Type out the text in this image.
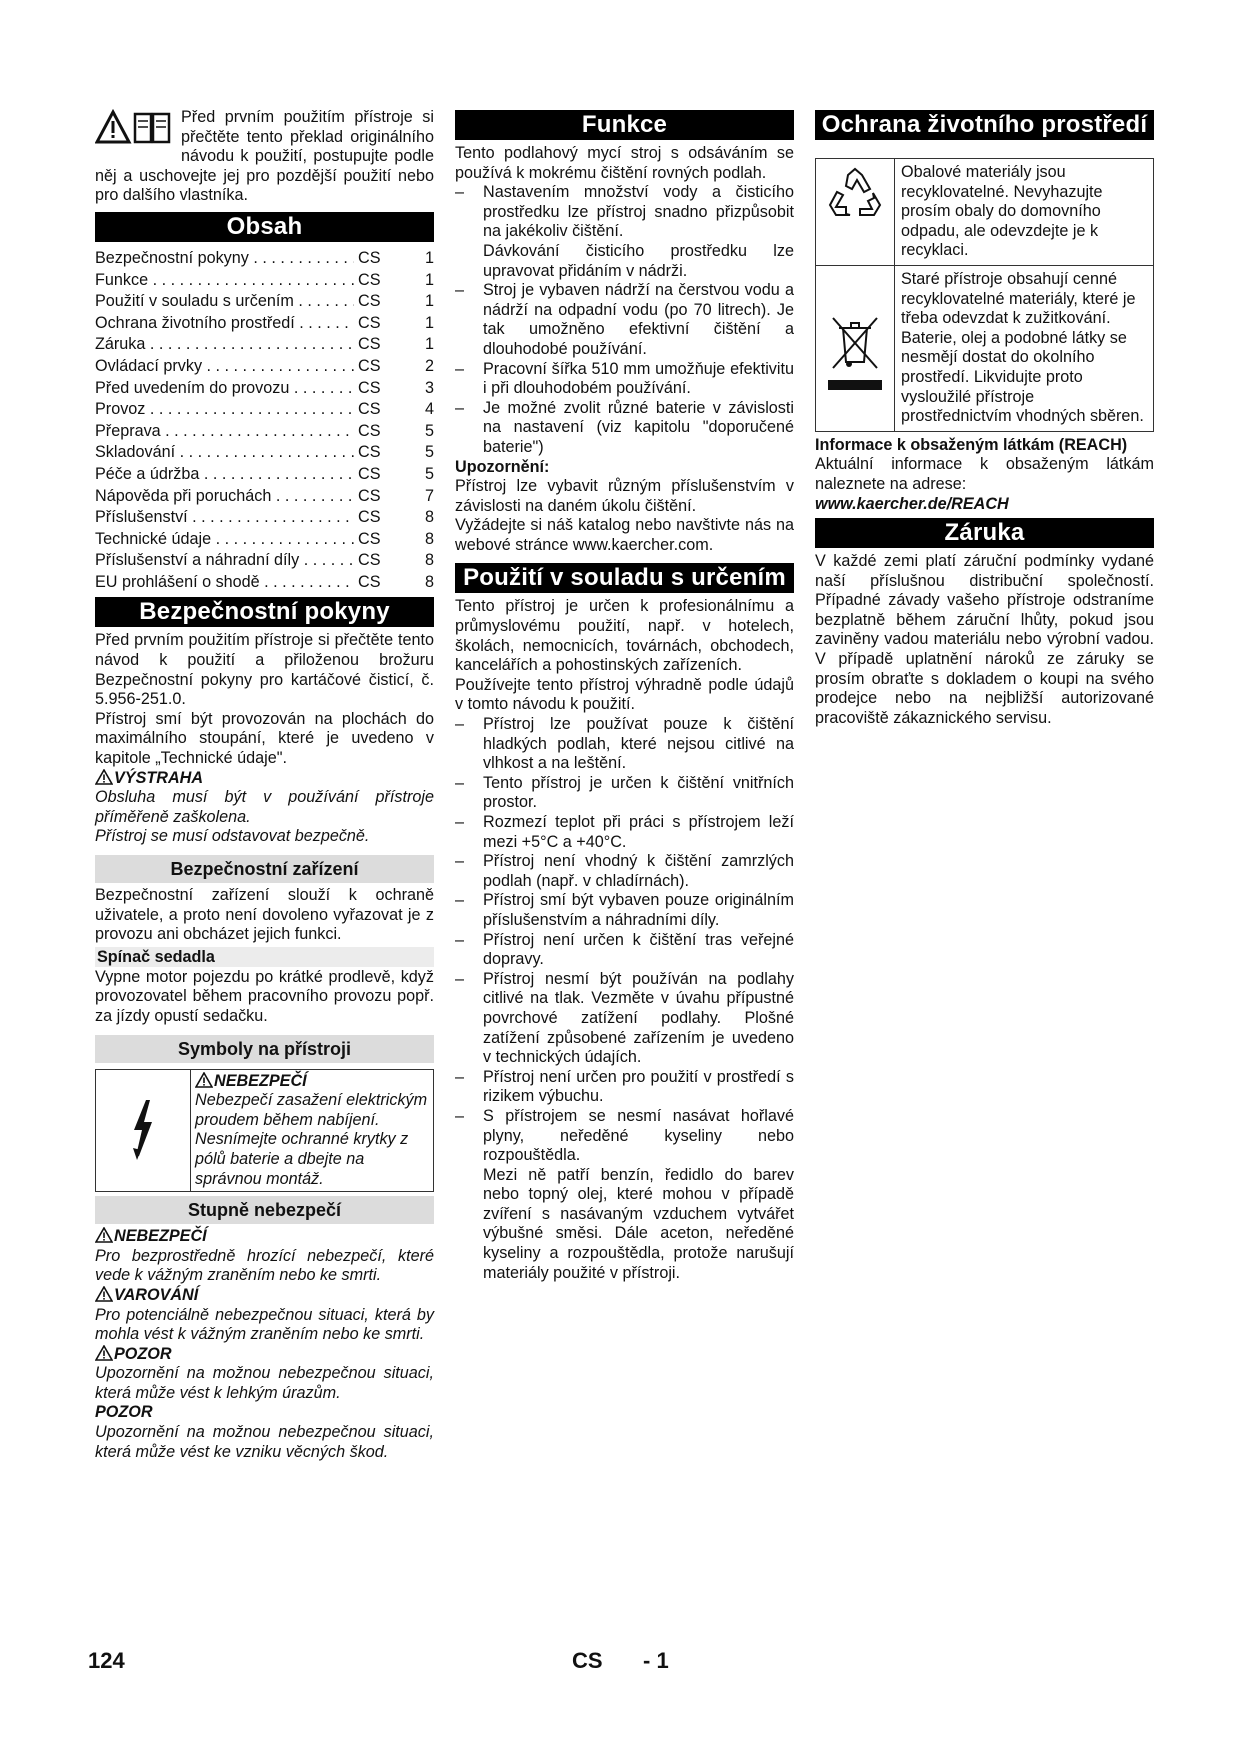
Před prvním použitím přístroje si přečtěte tento překlad originálního návodu k použití, postupujte podle něj a uschovejte jej pro pozdější použití nebo pro dalšího vlastníka.
Obsah
Bezpečnostní pokyny . . .	CS	1
Funkce . . .	CS	1
Použití v souladu s určením . . .	CS	1
Ochrana životního prostředí . . .	CS	1
Záruka . . .	CS	1
Ovládací prvky . . .	CS	2
Před uvedením do provozu . . .	CS	3
Provoz . . .	CS	4
Přeprava . . .	CS	5
Skladování . . .	CS	5
Péče a údržba . . .	CS	5
Nápověda při poruchách . . .	CS	7
Příslušenství . . .	CS	8
Technické údaje . . .	CS	8
Příslušenství a náhradní díly . . .	CS	8
EU prohlášení o shodě . . .	CS	8
Bezpečnostní pokyny

Před prvním použitím přístroje si přečtěte tento návod k použití a přiloženou brožuru Bezpečnostní pokyny pro kartáčové čisticí, č. 5.956-251.0.

Přístroj smí být provozován na plochách do maximálního stoupání, které je uvedeno v kapitole „Technické údaje".

VÝSTRAHA

Obsluha musí být v používání přístroje příměřeně zaškolena.

Přístroj se musí odstavovat bezpečně.

Bezpečnostní zařízení

Bezpečnostní zařízení slouží k ochraně uživatele, a proto není dovoleno vyřazovat je z provozu ani obcházet jejich funkci.

Spínač sedadla

Vypne motor pojezdu po krátké prodlevě, když provozovatel během pracovního provozu popř. za jízdy opustí sedačku.

Symboly na přístroji
NEBEZPEČÍ
Nebezpečí zasažení elektrickým proudem během nabíjení. Nesnímejte ochranné krytky z pólů baterie a dbejte na správnou montáž.
Stupně nebezpečí

NEBEZPEČÍ

Pro bezprostředně hrozící nebezpečí, které vede k vážným zraněním nebo ke smrti.

VAROVÁNÍ

Pro potenciálně nebezpečnou situaci, která by mohla vést k vážným zraněním nebo ke smrti.

POZOR

Upozornění na možnou nebezpečnou situaci, která může vést k lehkým úrazům.

POZOR

Upozornění na možnou nebezpečnou situaci, která může vést ke vzniku věcných škod.

Funkce

Tento podlahový mycí stroj s odsáváním se používá k mokrému čištění rovných podlah.

– Nastavením množství vody a čisticího prostředku lze přístroj snadno přizpůsobit na jakékoliv čištění.

Dávkování čisticího prostředku lze upravovat přidáním v nádrži.

– Stroj je vybaven nádrží na čerstvou vodu a nádrží na odpadní vodu (po 70 litrech). Je tak umožněno efektivní čištění a dlouhodobé používání.
– Pracovní šířka 510 mm umožňuje efektivitu i při dlouhodobém používání.
– Je možné zvolit různé baterie v závislosti na nastavení (viz kapitolu "doporučené baterie")

Upozornění:

Přístroj lze vybavit různým příslušenstvím v závislosti na daném úkolu čištění.

Vyžádejte si náš katalog nebo navštivte nás na webové stránce www.kaercher.com.

Použití v souladu s určením

Tento přístroj je určen k profesionálnímu a průmyslovému použití, např. v hotelech, školách, nemocnicích, továrnách, obchodech, kancelářích a pohostinských zařízeních.

Používejte tento přístroj výhradně podle údajů v tomto návodu k použití.

– Přístroj lze používat pouze k čištění hladkých podlah, které nejsou citlivé na vlhkost a na leštění.
– Tento přístroj je určen k čištění vnitřních prostor.
– Rozmezí teplot při práci s přístrojem leží mezi +5°C a +40°C.
– Přístroj není vhodný k čištění zamrzlých podlah (např. v chladírnách).
– Přístroj smí být vybaven pouze originálním příslušenstvím a náhradními díly.
– Přístroj není určen k čištění tras veřejné dopravy.
– Přístroj nesmí být používán na podlahy citlivé na tlak. Vezměte v úvahu přípustné povrchové zatížení podlahy. Plošné zatížení způsobené zařízením je uvedeno v technických údajích.
– Přístroj není určen pro použití v prostředí s rizikem výbuchu.
– S přístrojem se nesmí nasávat hořlavé plyny, neředěné kyseliny nebo rozpouštědla.

Mezi ně patří benzín, ředidlo do barev nebo topný olej, které mohou v případě zvíření s nasávaným vzduchem vytvářet výbušné směsi. Dále aceton, neředěné kyseliny a rozpouštědla, protože narušují materiály použité v přístroji.

Ochrana životního prostředí
Obalové materiály jsou recyklovatelné. Nevyhazujte prosím obaly do domovního odpadu, ale odevzdejte je k recyklaci.
Staré přístroje obsahují cenné recyklovatelné materiály, které je třeba odevzdat k zužitkování. Baterie, olej a podobné látky se nesmějí dostat do okolního prostředí. Likvidujte proto vysloužilé přístroje prostřednictvím vhodných sběren.

Informace k obsaženým látkám (REACH)

Aktuální informace k obsaženým látkám naleznete na adrese:

www.kaercher.de/REACH

Záruka

V každé zemi platí záruční podmínky vydané naší příslušnou distribuční společností. Případné závady vašeho přístroje odstraníme bezplatně během záruční lhůty, pokud jsou zaviněny vadou materiálu nebo výrobní vadou. V případě uplatnění nároků ze záruky se prosím obraťte s dokladem o koupi na svého prodejce nebo na nejbližší autorizované pracoviště zákaznického servisu.

124	CS - 1
